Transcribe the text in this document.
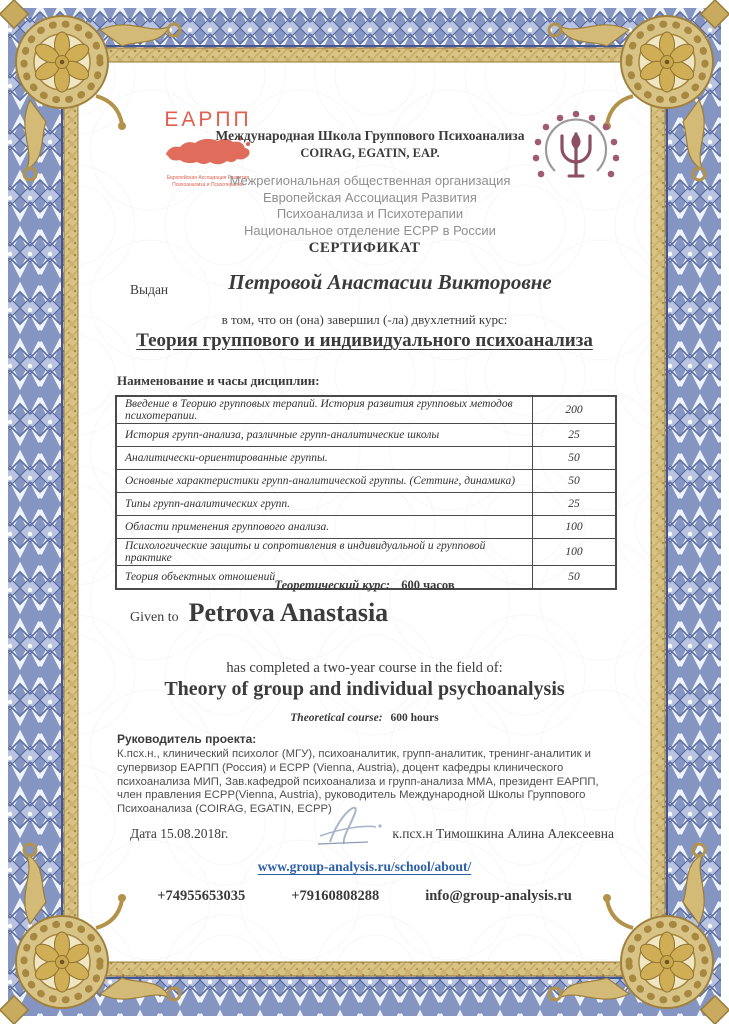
ЕАРПП
Европейская Ассоциация Развития
Психоанализа и Психотерапии
Международная Школа Группового Психоанализа
COIRAG, EGATIN, EAP.
Межрегиональная общественная организация
Европейская Ассоциация Развития
Психоанализа и Психотерапии
Национальное отделение ЕСРР в России
СЕРТИФИКАТ
Выдан	Петровой Анастасии Викторовне
в том, что он (она) завершил (-ла) двухлетний курс:
Теория группового и индивидуального психоанализа
Наименование и часы дисциплин:
Введение в Теорию групповых терапий. История развития групповых методов психотерапии.	200
История групп-анализа, различные групп-аналитические школы	25
Аналитически-ориентированные группы.	50
Основные характеристики групп-аналитической группы. (Сеттинг, динамика)	50
Типы групп-аналитических групп.	25
Области применения группового анализа.	100
Психологические защиты и сопротивления в индивидуальной и групповой практике	100
Теория объектных отношений	50
Теоретический курс: 600 часов
Given to Petrova Anastasia
has completed a two-year course in the field of:
Theory of group and individual psychoanalysis
Theoretical course: 600 hours
Руководитель проекта:
К.псх.н., клинический психолог (МГУ), психоаналитик, групп-аналитик, тренинг-аналитик и супервизор ЕАРПП (Россия) и ECPP (Vienna, Austria), доцент кафедры клинического психоанализа МИП, Зав.кафедрой психоанализа и групп-анализа ММА, президент ЕАРПП, член правления ECPP(Vienna, Austria), руководитель Международной Школы Группового Психоанализа (COIRAG, EGATIN, ECPP)
Дата 15.08.2018г.	к.псх.н Тимошкина Алина Алексеевна
www.group-analysis.ru/school/about/
+74955653035	+79160808288	info@group-analysis.ru
